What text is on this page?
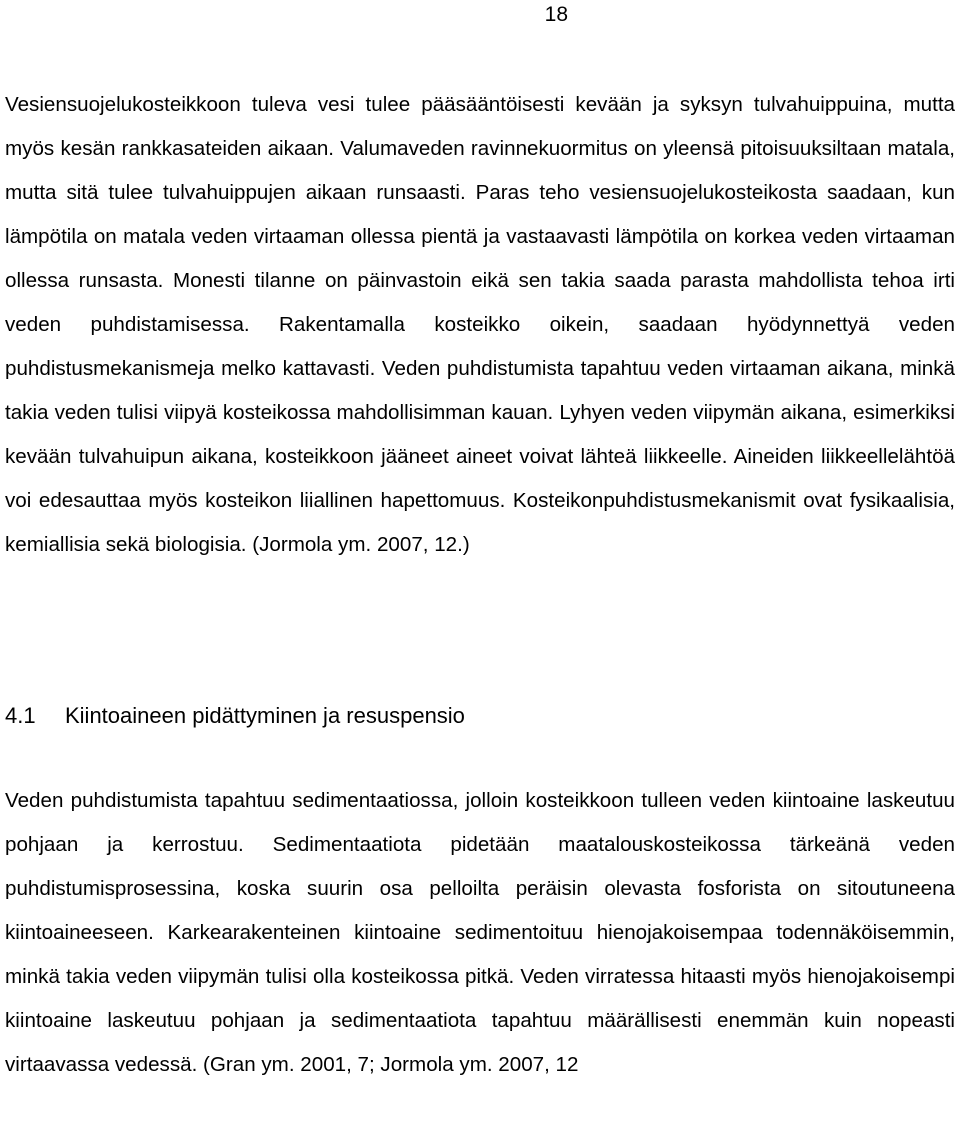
18

Vesiensuojelukosteikkoon tuleva vesi tulee pääsääntöisesti kevään ja syksyn tulvahuippuina, mutta myös kesän rankkasateiden aikaan. Valumaveden ravinnekuormitus on yleensä pitoisuuksiltaan matala, mutta sitä tulee tulvahuippujen aikaan runsaasti. Paras teho vesiensuojelukosteikosta saadaan, kun lämpötila on matala veden virtaaman ollessa pientä ja vastaavasti lämpötila on korkea veden virtaaman ollessa runsasta. Monesti tilanne on päinvastoin eikä sen takia saada parasta mahdollista tehoa irti veden puhdistamisessa. Rakentamalla kosteikko oikein, saadaan hyödynnettyä veden puhdistusmekanismeja melko kattavasti. Veden puhdistumista tapahtuu veden virtaaman aikana, minkä takia veden tulisi viipyä kosteikossa mahdollisimman kauan. Lyhyen veden viipymän aikana, esimerkiksi kevään tulvahuipun aikana, kosteikkoon jääneet aineet voivat lähteä liikkeelle. Aineiden liikkeellelähtöä voi edesauttaa myös kosteikon liiallinen hapettomuus. Kosteikonpuhdistusmekanismit ovat fysikaalisia, kemiallisia sekä biologisia. (Jormola ym. 2007, 12.)

4.1 Kiintoaineen pidättyminen ja resuspensio

Veden puhdistumista tapahtuu sedimentaatiossa, jolloin kosteikkoon tulleen veden kiintoaine laskeutuu pohjaan ja kerrostuu. Sedimentaatiota pidetään maatalouskosteikossa tärkeänä veden puhdistumisprosessina, koska suurin osa pelloilta peräisin olevasta fosforista on sitoutuneena kiintoaineeseen. Karkearakenteinen kiintoaine sedimentoituu hienojakoisempaa todennäköisemmin, minkä takia veden viipymän tulisi olla kosteikossa pitkä. Veden virratessa hitaasti myös hienojakoisempi kiintoaine laskeutuu pohjaan ja sedimentaatiota tapahtuu määrällisesti enemmän kuin nopeasti virtaavassa vedessä. (Gran ym. 2001, 7; Jormola ym. 2007, 12
